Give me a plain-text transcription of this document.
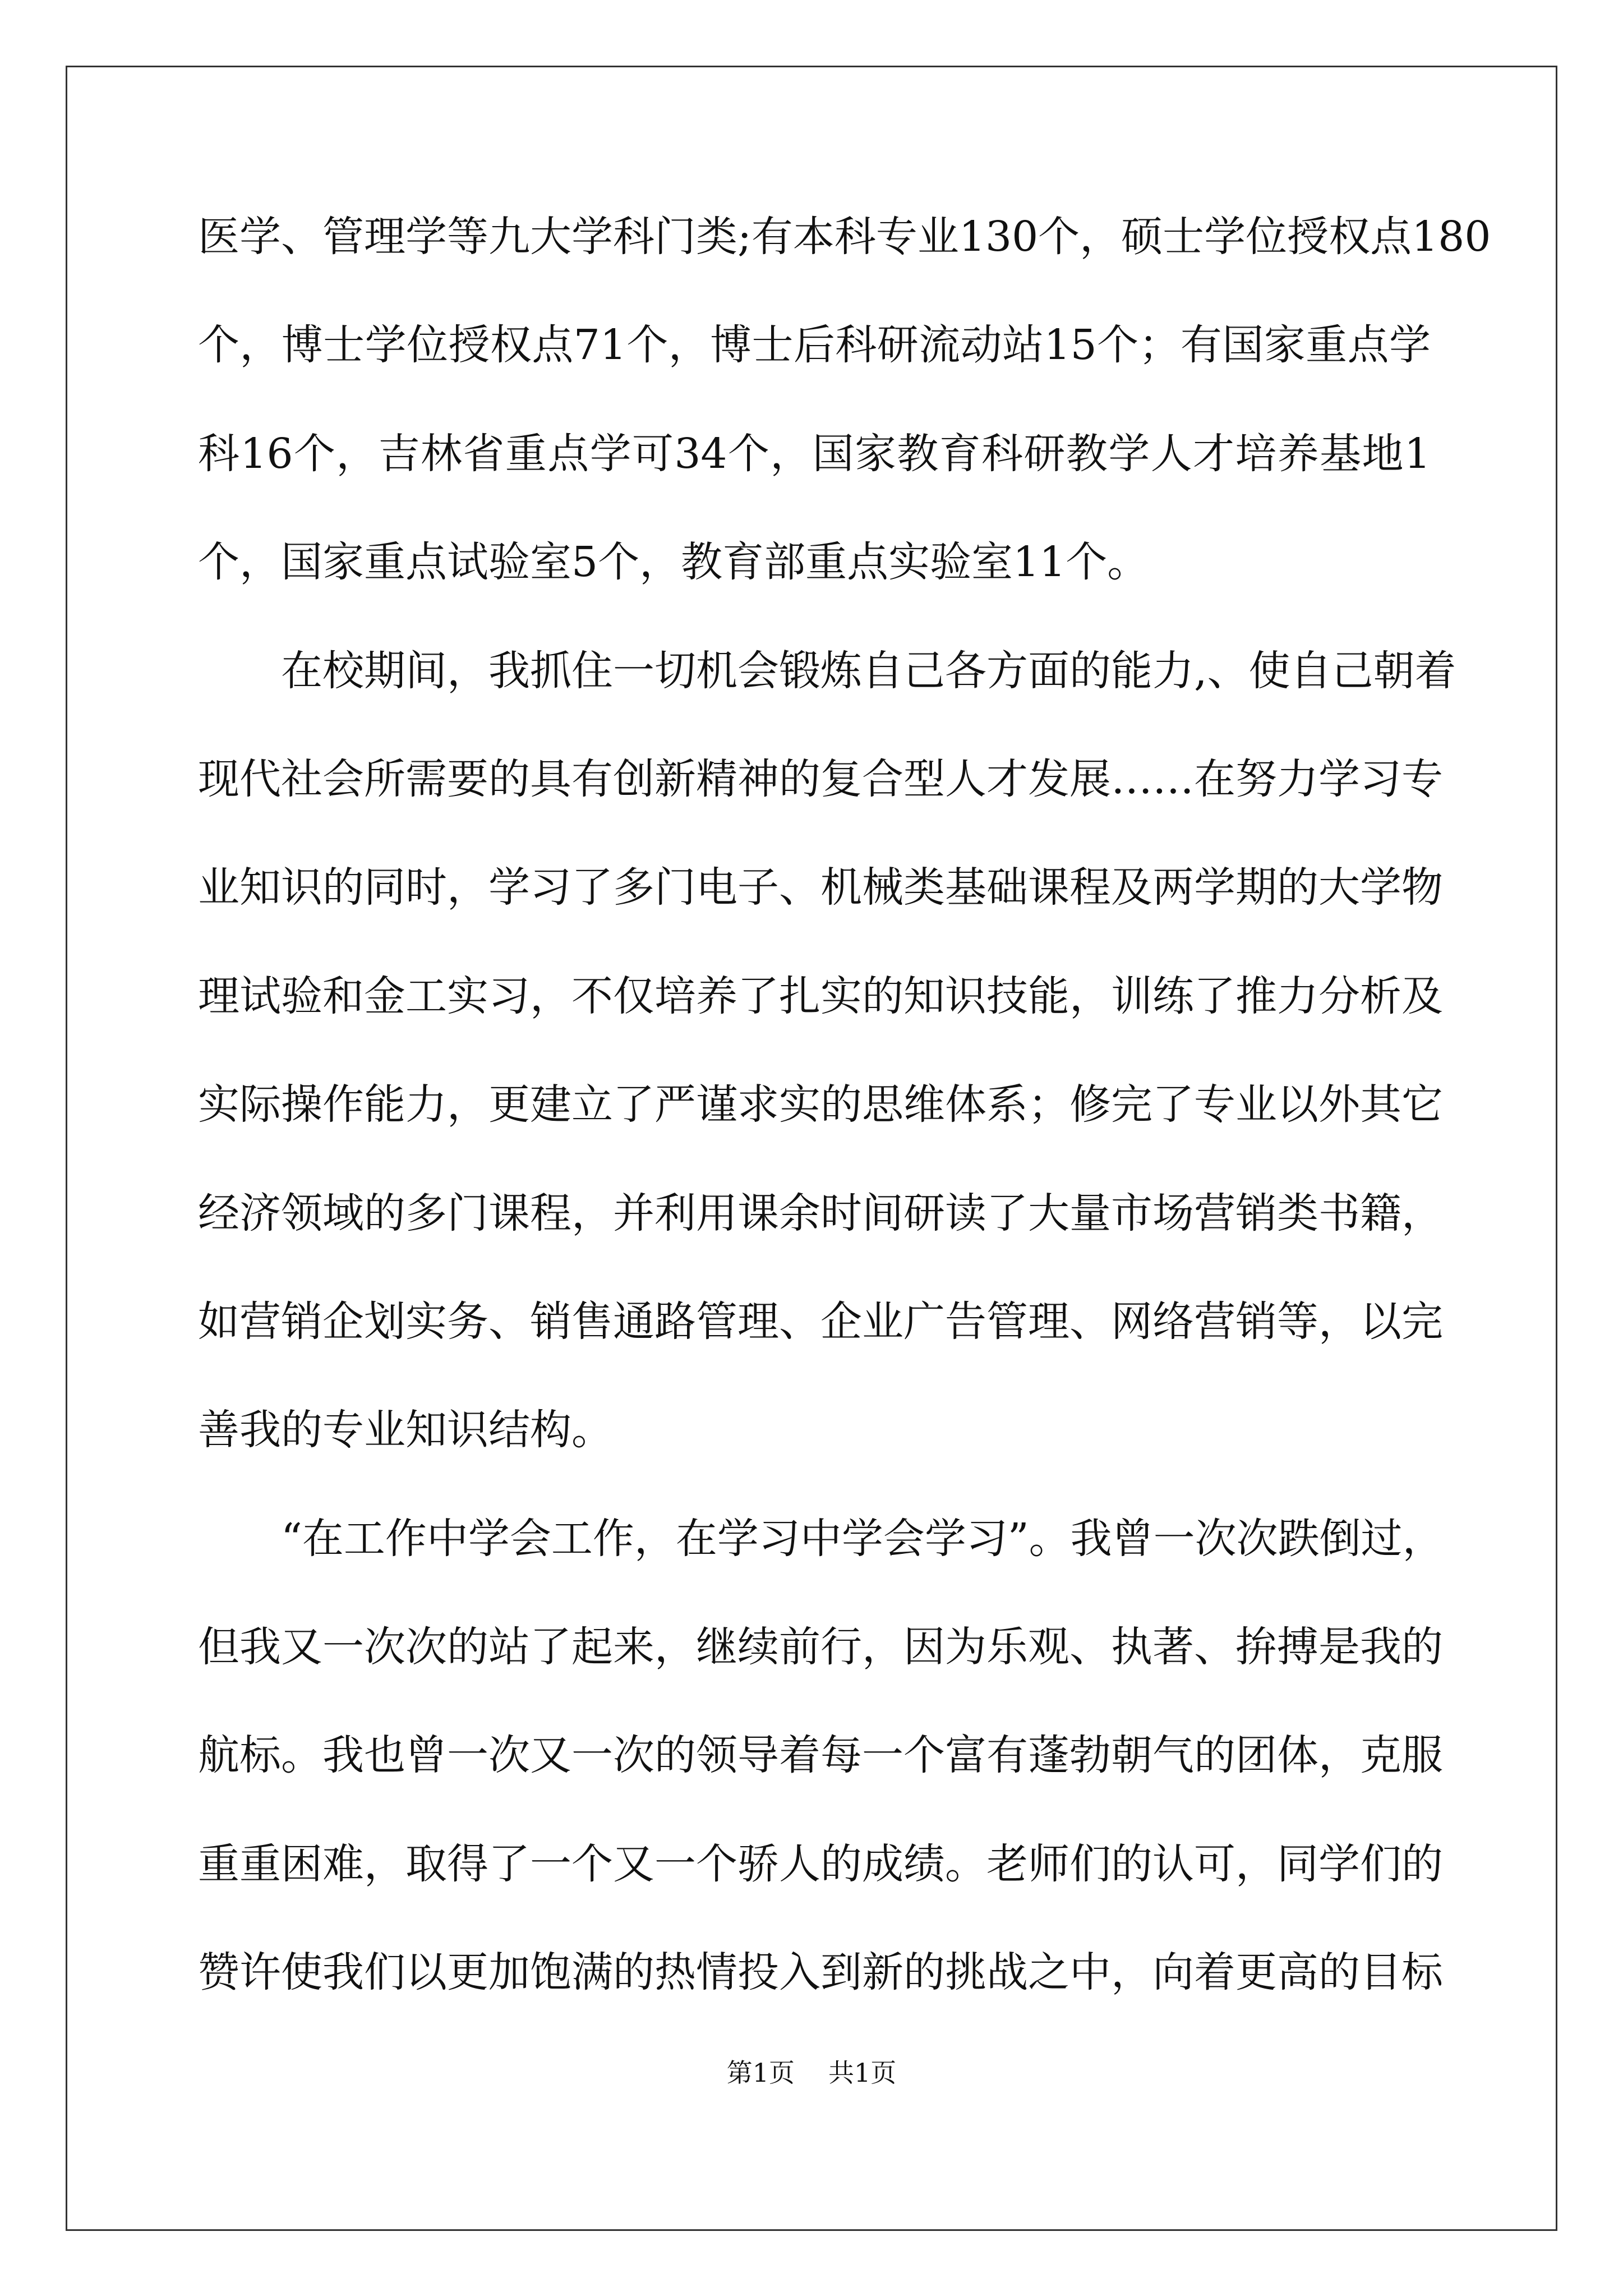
医学、管理学等九大学科门类;有本科专业130个，硕士学位授权点180
个，博士学位授权点71个，博士后科研流动站15个；有国家重点学
科16个，吉林省重点学可34个，国家教育科研教学人才培养基地1
个，国家重点试验室5个，教育部重点实验室11个。
在校期间，我抓住一切机会锻炼自己各方面的能力,、使自己朝着
现代社会所需要的具有创新精神的复合型人才发展……在努力学习专
业知识的同时，学习了多门电子、机械类基础课程及两学期的大学物
理试验和金工实习，不仅培养了扎实的知识技能，训练了推力分析及
实际操作能力，更建立了严谨求实的思维体系；修完了专业以外其它
经济领域的多门课程，并利用课余时间研读了大量市场营销类书籍，
如营销企划实务、销售通路管理、企业广告管理、网络营销等，以完
善我的专业知识结构。
“在工作中学会工作，在学习中学会学习”。我曾一次次跌倒过，
但我又一次次的站了起来，继续前行，因为乐观、执著、拚搏是我的
航标。我也曾一次又一次的领导着每一个富有蓬勃朝气的团体，克服
重重困难，取得了一个又一个骄人的成绩。老师们的认可，同学们的
赞许使我们以更加饱满的热情投入到新的挑战之中，向着更高的目标
第1页 共1页
